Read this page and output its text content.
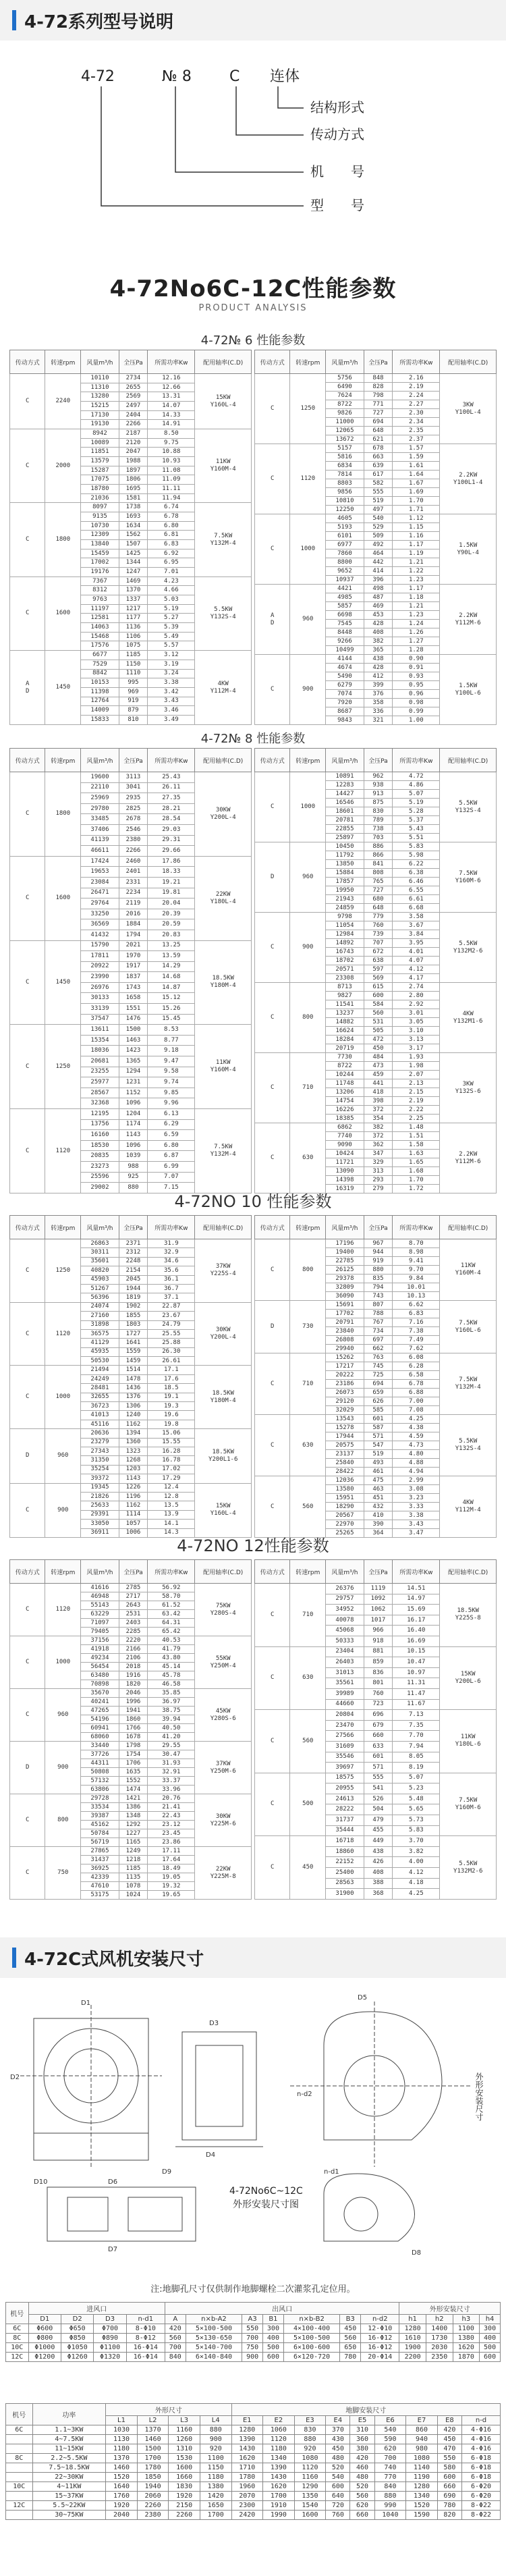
4-72系列型号说明
4-72	№ 8	C 连体
结构形式
传动方式
机　　号
型　　号
4-72No6C-12C性能参数
PRODUCT ANALYSIS
4-72№ 6 性能参数
传动方式	转速rpm	风量m³/h	全压Pa	所需功率Kw	配用轴率(C.D)
C	2240	10110	2734	12.16	15KW
Y160L-4
		11310	2655	12.66	
		13280	2569	13.31	
		15215	2497	14.07	
		17130	2404	14.33	
		19130	2266	14.91	
C	2000	8942	2187	8.50	11KW
Y160M-4
		10089	2120	9.75	
		11851	2047	10.88	
		13579	1988	10.93	
		15287	1897	11.08	
		17075	1806	11.09	
		18780	1695	11.11	
		21036	1581	11.94	
C	1800	8097	1738	6.74	7.5KW
Y132M-4
		9135	1693	6.78	
		10730	1634	6.80	
		12309	1562	6.81	
		13840	1507	6.83	
		15459	1425	6.92	
		17002	1344	6.95	
		19176	1247	7.01	
C	1600	7367	1469	4.23	5.5KW
Y132S-4
		8312	1370	4.66	
		9763	1337	5.03	
		11197	1217	5.19	
		12581	1177	5.27	
		14063	1136	5.39	
		15468	1106	5.49	
		17576	1075	5.57	
A
D	1450	6677	1185	3.12	4KW
Y112M-4
		7529	1150	3.19	
		8842	1110	3.24	
		10153	995	3.38	
		11398	969	3.42	
		12764	919	3.43	
		14009	879	3.46	
		15833	810	3.49	
传动方式	转速rpm	风量m³/h	全压Pa	所需功率Kw	配用轴率(C.D)
C	1250	5756	848	2.16	3KW
Y100L-4
		6490	828	2.19	
		7624	798	2.24	
		8722	771	2.27	
		9826	727	2.30	
		11000	694	2.34	
		12065	648	2.35	
		13672	621	2.37	
C	1120	5157	678	1.57	2.2KW
Y100L1-4
		5816	663	1.59	
		6834	639	1.61	
		7814	617	1.64	
		8803	582	1.67	
		9856	555	1.69	
		10810	519	1.70	
		12250	497	1.71	
C	1000	4605	540	1.12	1.5KW
Y90L-4
		5193	529	1.15	
		6101	509	1.16	
		6977	492	1.17	
		7860	464	1.19	
		8800	442	1.21	
		9652	414	1.22	
		10937	396	1.23	
A
D	960	4421	498	1.17	2.2KW
Y112M-6
		4985	487	1.18	
		5857	469	1.21	
		6698	453	1.23	
		7545	428	1.24	
		8448	408	1.26	
		9266	382	1.27	
		10499	365	1.28	
C	900	4144	438	0.90	1.5KW
Y100L-6
		4674	428	0.91	
		5490	412	0.93	
		6279	399	0.95	
		7074	376	0.96	
		7920	358	0.98	
		8687	336	0.99	
		9843	321	1.00	
4-72№ 8 性能参数
传动方式	转速rpm	风量m³/h	全压Pa	所需功率Kw	配用轴率(C.D)
C	1800	19600	3113	25.43	30KW
Y200L-4
		22110	3041	26.11	
		25969	2935	27.35	
		29780	2825	28.21	
		33485	2678	28.54	
		37406	2546	29.03	
		41139	2380	29.31	
		46611	2266	29.66	
C	1600	17424	2460	17.86	22KW
Y180L-4
		19653	2401	18.33	
		23084	2331	19.21	
		26471	2234	19.81	
		29764	2119	20.04	
		33250	2016	20.39	
		36569	1884	20.59	
		41432	1794	20.83	
C	1450	15790	2021	13.25	18.5KW
Y180M-4
		17811	1970	13.59	
		20922	1917	14.29	
		23990	1837	14.68	
		26976	1743	14.87	
		30133	1658	15.12	
		33139	1551	15.26	
		37547	1476	15.45	
C	1250	13611	1500	8.53	11KW
Y160M-4
		15354	1463	8.77	
		18036	1423	9.18	
		20681	1365	9.47	
		23255	1294	9.58	
		25977	1231	9.74	
		28567	1152	9.85	
		32368	1096	9.96	
C	1120	12195	1204	6.13	7.5KW
Y132M-4
		13756	1174	6.29	
		16160	1143	6.59	
		18530	1096	6.80	
		20835	1039	6.87	
		23273	988	6.99	
		25596	925	7.07	
		29002	880	7.15	
传动方式	转速rpm	风量m³/h	全压Pa	所需功率Kw	配用轴率(C.D)
C	1000	10891	962	4.72	5.5KW
Y132S-4
		12283	938	4.86	
		14427	913	5.07	
		16546	875	5.19	
		18601	830	5.28	
		20781	789	5.37	
		22855	738	5.43	
		25897	703	5.51	
D	960	10450	886	5.83	7.5KW
Y160M-6
		11792	866	5.98	
		13850	841	6.22	
		15884	808	6.38	
		17857	765	6.46	
		19950	727	6.55	
		21943	680	6.61	
		24859	648	6.68	
C	900	9798	779	3.58	5.5KW
Y132M2-6
		11054	760	3.67	
		12984	739	3.84	
		14892	707	3.95	
		16743	672	4.01	
		18702	638	4.07	
		20571	597	4.12	
		23308	569	4.17	
C	800	8713	615	2.74	4KW
Y132M1-6
		9827	600	2.80	
		11541	584	2.92	
		13237	560	3.01	
		14882	531	3.05	
		16624	505	3.10	
		18284	472	3.13	
		20719	450	3.17	
C	710	7730	484	1.93	3KW
Y132S-6
		8722	473	1.98	
		10244	459	2.07	
		11748	441	2.13	
		13206	418	2.15	
		14754	398	2.19	
		16226	372	2.22	
		18385	354	2.25	
C	630	6862	382	1.48	2.2KW
Y112M-6
		7740	372	1.51	
		9090	362	1.58	
		10424	347	1.63	
		11721	329	1.65	
		13090	313	1.68	
		14398	293	1.70	
		16319	279	1.72	
4-72NO 10 性能参数
传动方式	转速rpm	风量m³/h	全压Pa	所需功率Kw	配用轴率(C.D)
C	1250	26863	2371	31.9	37KW
Y225S-4
		30311	2312	32.9	
		35601	2248	34.6	
		40820	2154	35.6	
		45903	2045	36.1	
		51267	1944	36.7	
		56396	1819	37.1	
C	1120	24074	1902	22.87	30KW
Y200L-4
		27160	1855	23.67	
		31898	1803	24.79	
		36575	1727	25.55	
		41129	1641	25.88	
		45935	1559	26.30	
		50530	1459	26.61	
C	1000	21494	1514	17.1	18.5KW
Y180M-4
		24249	1478	17.6	
		28481	1436	18.5	
		32655	1376	19.1	
		36723	1306	19.3	
		41013	1240	19.6	
		45116	1162	19.8	
D	960	20636	1394	15.06	18.5KW
Y200L1-6
		23279	1360	15.55	
		27343	1323	16.28	
		31350	1268	16.78	
		35254	1203	17.02	
		39372	1143	17.29	
C	900	19345	1226	12.4	15KW
Y160L-4
		21826	1196	12.8	
		25633	1162	13.5	
		29391	1114	13.9	
		33050	1057	14.1	
		36911	1006	14.3	
传动方式	转速rpm	风量m³/h	全压Pa	所需功率Kw	配用轴率(C.D)
C	800	17196	967	8.70	11KW
Y160M-4
		19400	944	8.98	
		22785	919	9.41	
		26125	880	9.70	
		29378	835	9.84	
		32809	794	10.01	
		36090	743	10.13	
D	730	15691	807	6.62	7.5KW
Y160L-6
		17702	788	6.83	
		20791	767	7.16	
		23840	734	7.38	
		26808	697	7.49	
		29940	662	7.62	
C	710	15262	763	6.08	7.5KW
Y132M-4
		17217	745	6.28	
		20222	725	6.58	
		23186	694	6.78	
		26073	659	6.88	
		29120	626	7.00	
		32029	585	7.08	
C	630	13543	601	4.25	5.5KW
Y132S-4
		15278	587	4.38	
		17944	571	4.59	
		20575	547	4.73	
		23137	519	4.80	
		25840	493	4.88	
		28422	461	4.94	
C	560	12036	475	2.99	4KW
Y112M-4
		13580	463	3.08	
		15951	451	3.23	
		18290	432	3.33	
		20567	410	3.38	
		22970	390	3.43	
		25265	364	3.47	
4-72NO 12性能参数
传动方式	转速rpm	风量m³/h	全压Pa	所需功率Kw	配用轴率(C.D)
C	1120	41616	2785	56.92	75KW
Y280S-4
		46948	2717	58.70	
		55143	2643	61.52	
		63229	2531	63.42	
		71097	2403	64.31	
		79405	2285	65.42	
C	1000	37156	2220	40.53	55KW
Y250M-4
		41918	2166	41.79	
		49234	2106	43.80	
		56454	2018	45.14	
		63480	1916	45.78	
		70898	1820	46.58	
C	960	35670	2046	35.85	45KW
Y280S-6
		40241	1996	36.97	
		47265	1941	38.75	
		54196	1860	39.94	
		60941	1766	40.50	
		68060	1678	41.20	
D	900	33440	1798	29.55	37KW
Y250M-6
		37726	1754	30.47	
		44311	1706	31.93	
		50808	1635	32.91	
		57132	1552	33.37	
		63806	1474	33.96	
C	800	29728	1421	20.76	30KW
Y225M-6
		33534	1386	21.41	
		39387	1348	22.43	
		45162	1292	23.12	
		50784	1227	23.45	
		56719	1165	23.86	
C	750	27865	1249	17.11	22KW
Y225M-8
		31437	1218	17.64	
		36925	1185	18.49	
		42339	1135	19.05	
		47610	1078	19.32	
		53175	1024	19.65	
传动方式	转速rpm	风量m³/h	全压Pa	所需功率Kw	配用轴率(C.D)
C	710	26376	1119	14.51	18.5KW
Y225S-8
		29757	1092	14.97	
		34952	1062	15.69	
		40078	1017	16.17	
		45068	966	16.40	
		50333	918	16.69	
C	630	23404	881	10.15	15KW
Y200L-6
		26403	859	10.47	
		31013	836	10.97	
		35561	801	11.31	
		39989	760	11.47	
		44660	723	11.67	
C	560	20804	696	7.13	11KW
Y180L-6
		23470	679	7.35	
		27566	660	7.70	
		31609	633	7.94	
		35546	601	8.05	
		39697	571	8.19	
C	500	18575	555	5.07	7.5KW
Y160M-6
		20955	541	5.23	
		24613	526	5.48	
		28222	504	5.65	
		31737	479	5.73	
		35444	455	5.83	
C	450	16718	449	3.70	5.5KW
Y132M2-6
		18860	438	3.82	
		22152	426	4.00	
		25400	408	4.12	
		28563	388	4.18	
		31900	368	4.25	
4-72C式风机安装尺寸
4-72No6C~12C
外形安装尺寸图
外形安装尺寸
D1
D2
D3
D4
D5
n-d1
D6
D7
n-d2
D8
D9
D10
注:地脚孔尺寸仅供制作地脚螺栓二次灌浆孔定位用。
机号	进风口				出风口							外形安装尺寸			
	D1	D2	D3	n-d1	A	n×b-A2	A3	B1	n×b-B2	B3	n-d2	h1	h2	h3	h4
6C	Φ600	Φ650	Φ700	8-Φ10	420	5×100-500	550	300	4×100-400	450	12-Φ10	1280	1400	1100	300
8C	Φ800	Φ850	Φ890	8-Φ12	560	5×130-650	700	400	5×100-500	560	16-Φ12	1610	1730	1380	400
10C	Φ1000	Φ1050	Φ1100	16-Φ14	700	5×140-700	750	500	6×100-600	650	16-Φ12	1900	2030	1620	500
12C	Φ1200	Φ1260	Φ1320	16-Φ14	840	6×140-840	900	600	6×120-720	780	20-Φ14	2200	2350	1870	600
机号	功率	外形尺寸				地脚安装尺寸								
		L1	L2	L3	L4	E1	E2	E3	E4	E5	E6	E7	E8	n-d
6C	1.1~3KW	1030	1370	1160	880	1280	1060	830	370	310	540	860	420	4-Φ16
	4~7.5KW	1130	1460	1260	900	1390	1120	880	430	360	590	940	450	4-Φ16
	11~15KW	1180	1500	1310	920	1430	1180	920	450	380	620	980	470	4-Φ16
8C	2.2~5.5KW	1370	1700	1530	1100	1620	1340	1080	480	420	700	1080	550	6-Φ18
	7.5~18.5KW	1460	1780	1600	1150	1710	1390	1120	520	460	740	1140	580	6-Φ18
	22~30KW	1520	1850	1660	1180	1780	1430	1160	540	480	770	1190	600	6-Φ18
10C	4~11KW	1640	1940	1830	1380	1960	1620	1290	600	520	840	1280	660	6-Φ20
	15~37KW	1760	2060	1920	1420	2070	1700	1350	640	560	880	1340	690	6-Φ20
12C	5.5~22KW	1920	2260	2150	1650	2300	1910	1540	720	620	990	1520	780	8-Φ22
	30~75KW	2040	2380	2260	1700	2420	1990	1600	760	660	1040	1590	820	8-Φ22
